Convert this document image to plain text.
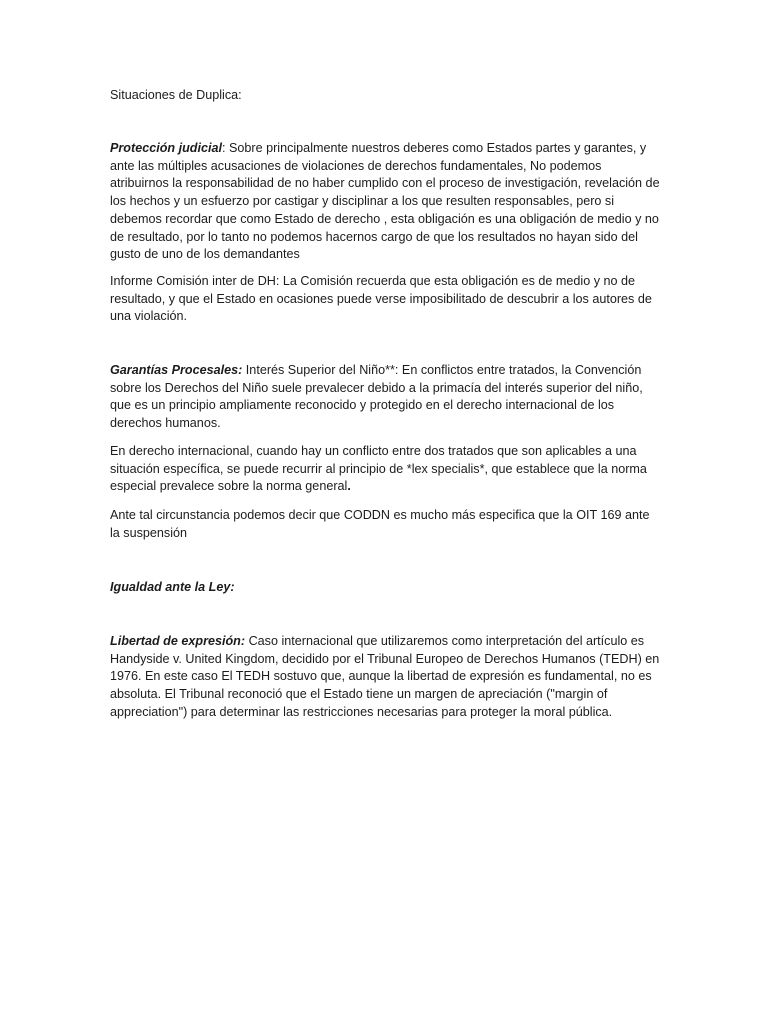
Situaciones de Duplica:

Protección judicial: Sobre principalmente nuestros deberes como Estados partes y garantes, y ante las múltiples acusaciones de violaciones de derechos fundamentales, No podemos atribuirnos la responsabilidad de no haber cumplido con el proceso de investigación, revelación de los hechos y un esfuerzo por castigar y disciplinar a los que resulten responsables, pero si debemos recordar que como Estado de derecho , esta obligación es una obligación de medio y no de resultado, por lo tanto no podemos hacernos cargo de que los resultados no hayan sido del gusto de uno de los demandantes

Informe Comisión inter de DH: La Comisión recuerda que esta obligación es de medio y no de resultado, y que el Estado en ocasiones puede verse imposibilitado de descubrir a los autores de una violación.

Garantías Procesales: Interés Superior del Niño**: En conflictos entre tratados, la Convención sobre los Derechos del Niño suele prevalecer debido a la primacía del interés superior del niño, que es un principio ampliamente reconocido y protegido en el derecho internacional de los derechos humanos.

En derecho internacional, cuando hay un conflicto entre dos tratados que son aplicables a una situación específica, se puede recurrir al principio de *lex specialis*, que establece que la norma especial prevalece sobre la norma general.

Ante tal circunstancia podemos decir que CODDN es mucho más especifica que la OIT 169 ante la suspensión

Igualdad ante la Ley:

Libertad de expresión: Caso internacional que utilizaremos como interpretación del artículo es Handyside v. United Kingdom, decidido por el Tribunal Europeo de Derechos Humanos (TEDH) en 1976. En este caso El TEDH sostuvo que, aunque la libertad de expresión es fundamental, no es absoluta. El Tribunal reconoció que el Estado tiene un margen de apreciación ("margin of appreciation") para determinar las restricciones necesarias para proteger la moral pública.
